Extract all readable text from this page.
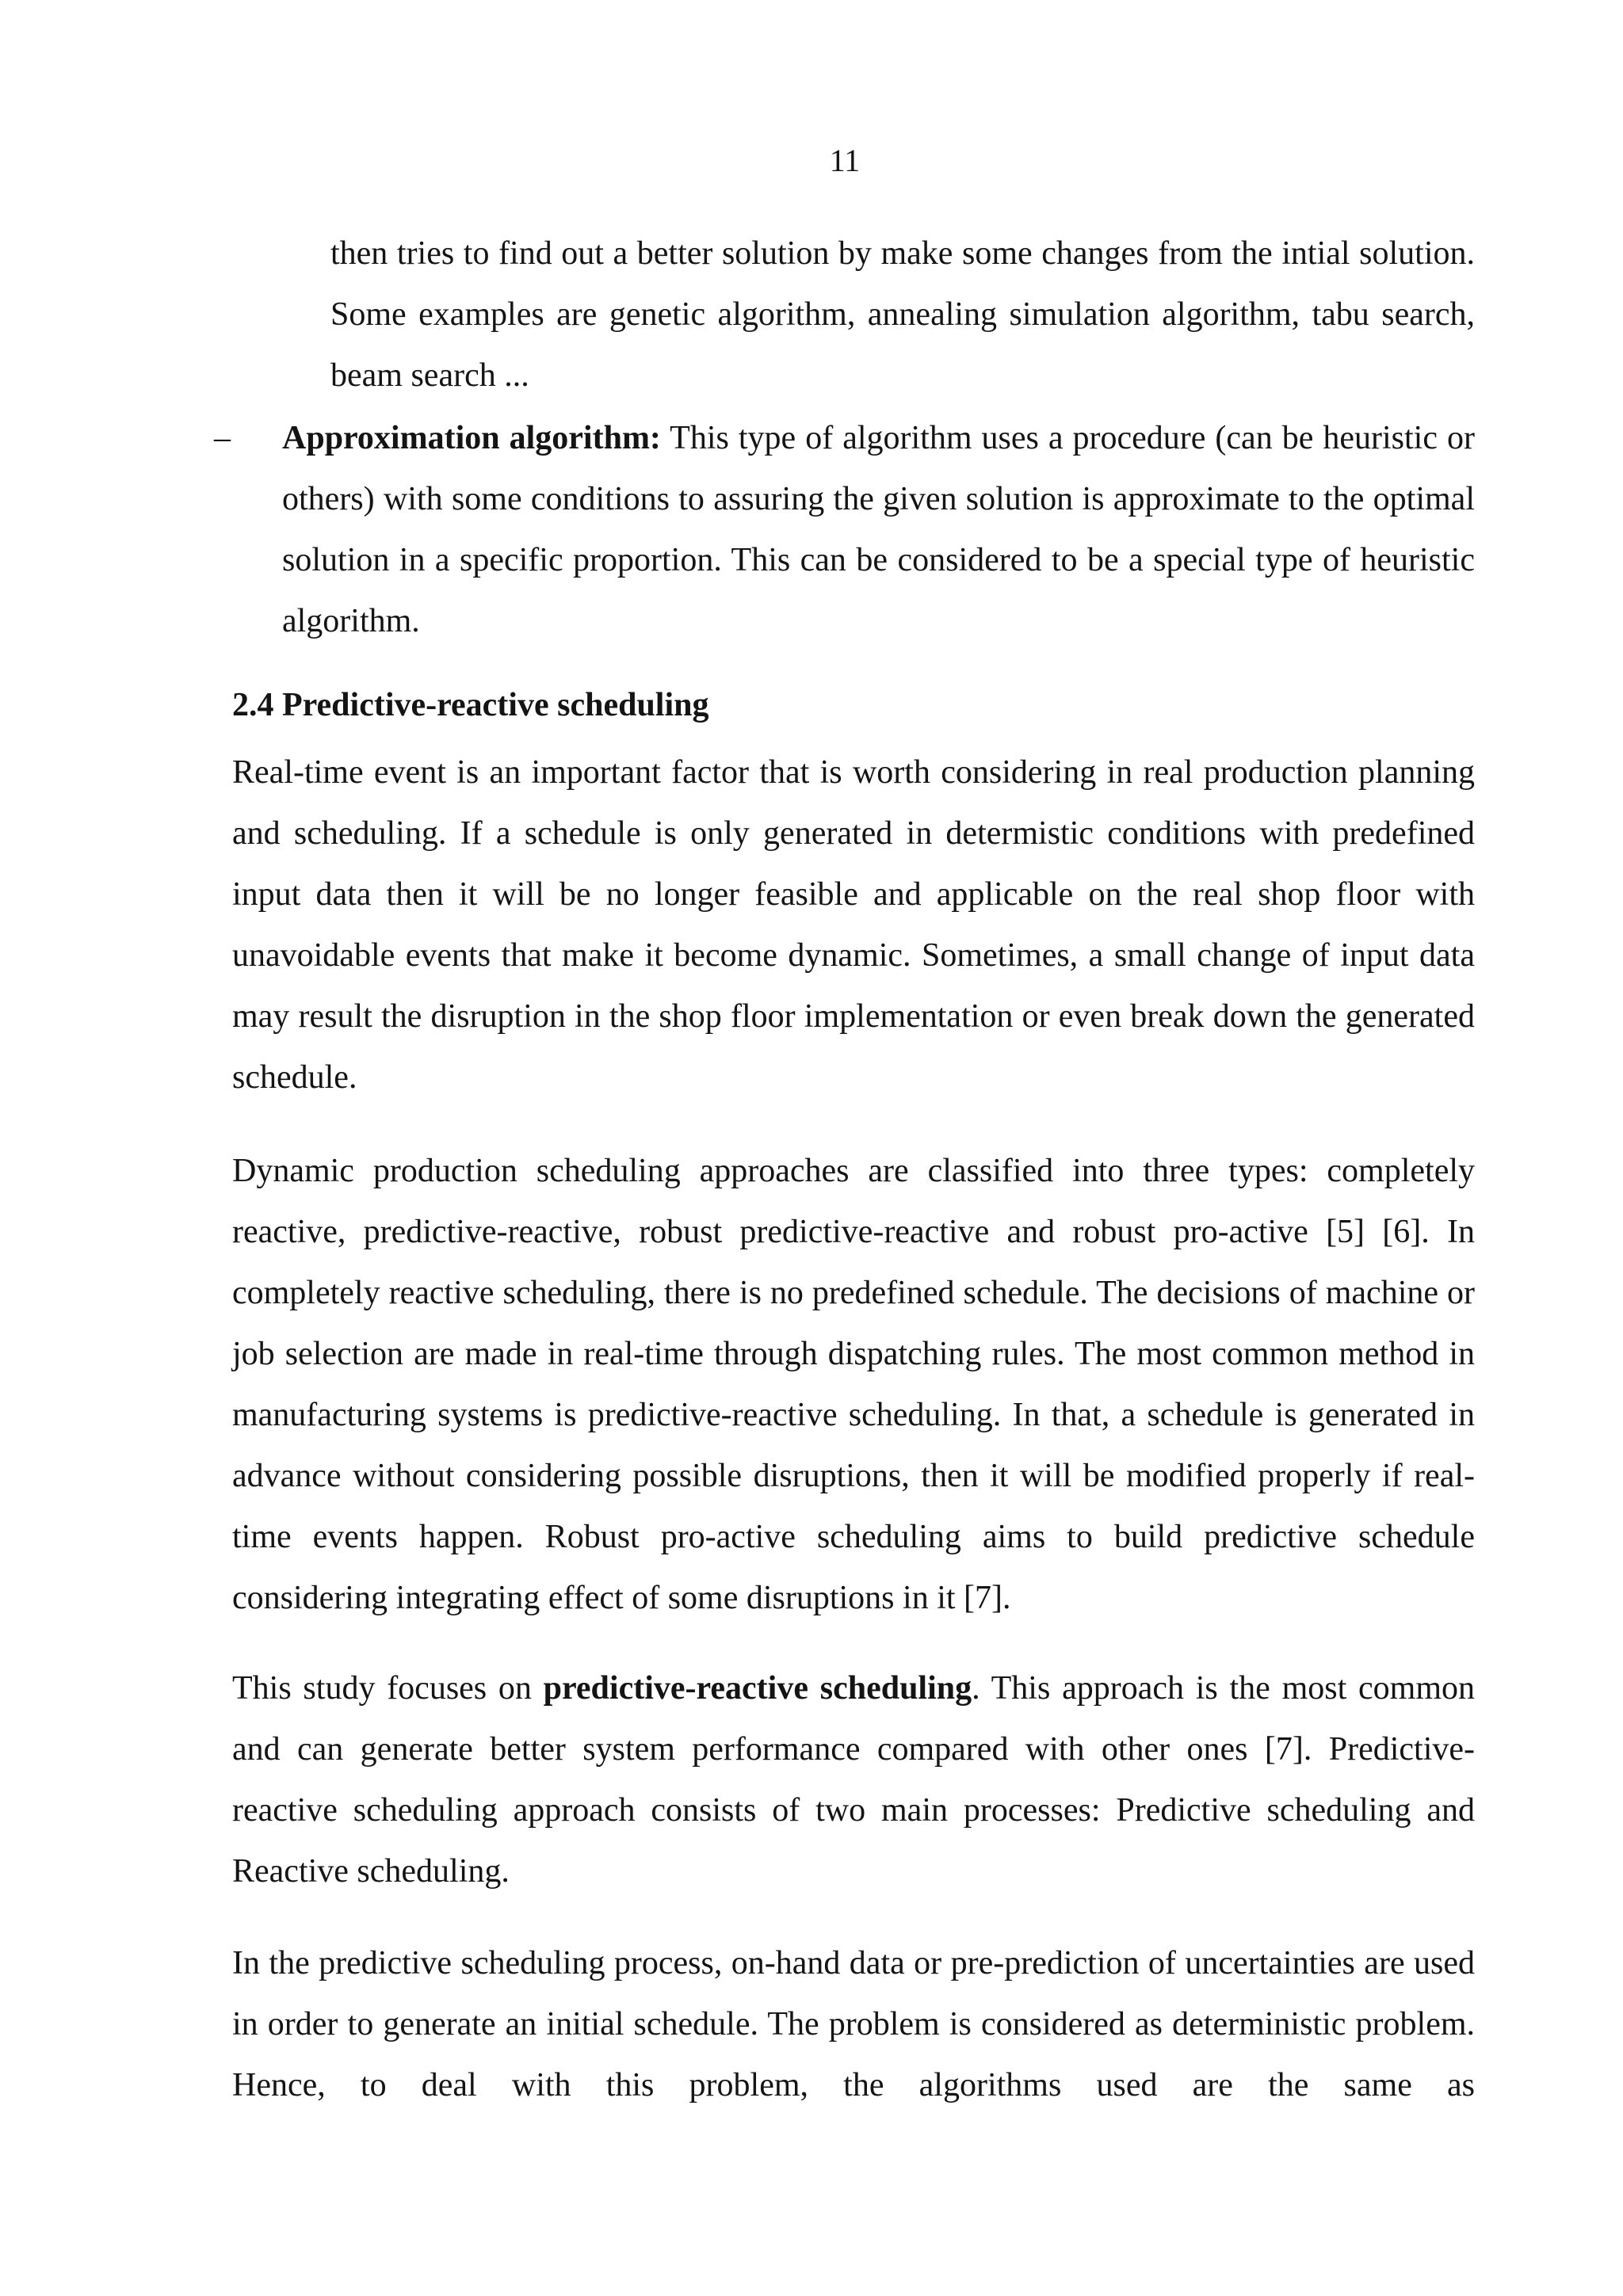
11

then tries to find out a better solution by make some changes from the intial solution. Some examples are genetic algorithm, annealing simulation algorithm, tabu search, beam search ...

–	Approximation algorithm: This type of algorithm uses a procedure (can be heuristic or others) with some conditions to assuring the given solution is approximate to the optimal solution in a specific proportion. This can be considered to be a special type of heuristic algorithm.

2.4 Predictive-reactive scheduling

Real-time event is an important factor that is worth considering in real production planning and scheduling. If a schedule is only generated in determistic conditions with predefined input data then it will be no longer feasible and applicable on the real shop floor with unavoidable events that make it become dynamic. Sometimes, a small change of input data may result the disruption in the shop floor implementation or even break down the generated schedule.

Dynamic production scheduling approaches are classified into three types: completely reactive, predictive-reactive, robust predictive-reactive and robust pro-active [5] [6]. In completely reactive scheduling, there is no predefined schedule. The decisions of machine or job selection are made in real-time through dispatching rules. The most common method in manufacturing systems is predictive-reactive scheduling. In that, a schedule is generated in advance without considering possible disruptions, then it will be modified properly if real-time events happen. Robust pro-active scheduling aims to build predictive schedule considering integrating effect of some disruptions in it [7].

This study focuses on predictive-reactive scheduling. This approach is the most common and can generate better system performance compared with other ones [7]. Predictive-reactive scheduling approach consists of two main processes: Predictive scheduling and Reactive scheduling.

In the predictive scheduling process, on-hand data or pre-prediction of uncertainties are used in order to generate an initial schedule. The problem is considered as deterministic problem. Hence, to deal with this problem, the algorithms used are the same as
